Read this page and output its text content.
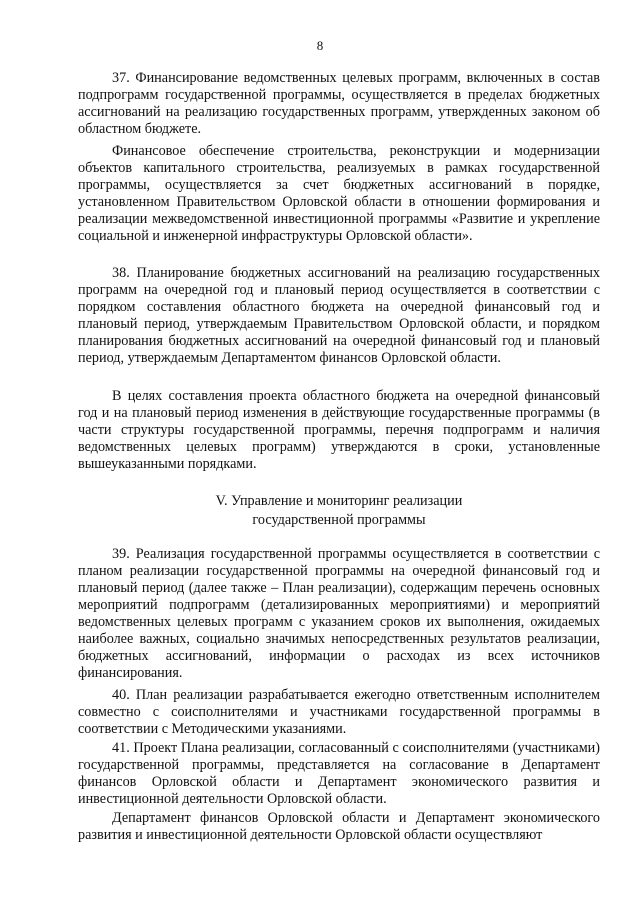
8

37. Финансирование ведомственных целевых программ, включенных в состав подпрограмм государственной программы, осуществляется в пределах бюджетных ассигнований на реализацию государственных программ, утвержденных законом об областном бюджете.

Финансовое обеспечение строительства, реконструкции и модернизации объектов капитального строительства, реализуемых в рамках государственной программы, осуществляется за счет бюджетных ассигнований в порядке, установленном Правительством Орловской области в отношении формирования и реализации межведомственной инвестиционной программы «Развитие и укрепление социальной и инженерной инфраструктуры Орловской области».

38. Планирование бюджетных ассигнований на реализацию государственных программ на очередной год и плановый период осуществляется в соответствии с порядком составления областного бюджета на очередной финансовый год и плановый период, утверждаемым Правительством Орловской области, и порядком планирования бюджетных ассигнований на очередной финансовый год и плановый период, утверждаемым Департаментом финансов Орловской области.

В целях составления проекта областного бюджета на очередной финансовый год и на плановый период изменения в действующие государственные программы (в части структуры государственной программы, перечня подпрограмм и наличия ведомственных целевых программ) утверждаются в сроки, установленные вышеуказанными порядками.

V. Управление и мониторинг реализации
государственной программы

39. Реализация государственной программы осуществляется в соответствии с планом реализации государственной программы на очередной финансовый год и плановый период (далее также – План реализации), содержащим перечень основных мероприятий подпрограмм (детализированных мероприятиями) и мероприятий ведомственных целевых программ с указанием сроков их выполнения, ожидаемых наиболее важных, социально значимых непосредственных результатов реализации, бюджетных ассигнований, информации о расходах из всех источников финансирования.

40. План реализации разрабатывается ежегодно ответственным исполнителем совместно с соисполнителями и участниками государственной программы в соответствии с Методическими указаниями.

41. Проект Плана реализации, согласованный с соисполнителями (участниками) государственной программы, представляется на согласование в Департамент финансов Орловской области и Департамент экономического развития и инвестиционной деятельности Орловской области.

Департамент финансов Орловской области и Департамент экономического развития и инвестиционной деятельности Орловской области осуществляют
